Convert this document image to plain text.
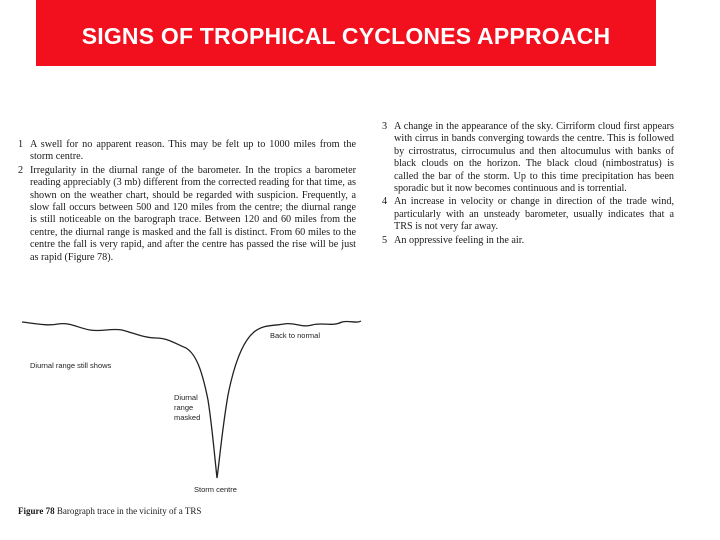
SIGNS OF TROPHICAL CYCLONES APPROACH
1 A swell for no apparent reason. This may be felt up to 1000 miles from the storm centre.
2 Irregularity in the diurnal range of the barometer. In the tropics a barometer reading appreciably (3 mb) different from the corrected reading for that time, as shown on the weather chart, should be regarded with suspicion. Frequently, a slow fall occurs between 500 and 120 miles from the centre; the diurnal range is still noticeable on the barograph trace. Between 120 and 60 miles from the centre, the diurnal range is masked and the fall is distinct. From 60 miles to the centre the fall is very rapid, and after the centre has passed the rise will be just as rapid (Figure 78).
3 A change in the appearance of the sky. Cirriform cloud first appears with cirrus in bands converging towards the centre. This is followed by cirrostratus, cirrocumulus and then altocumulus with banks of black clouds on the horizon. The black cloud (nimbostratus) is called the bar of the storm. Up to this time precipitation has been sporadic but it now becomes continuous and is torrential.
4 An increase in velocity or change in direction of the trade wind, particularly with an unsteady barometer, usually indicates that a TRS is not very far away.
5 An oppressive feeling in the air.
Diurnal range still shows
Back to normal
Diurnal
range
masked
Storm centre
Figure 78 Barograph trace in the vicinity of a TRS
